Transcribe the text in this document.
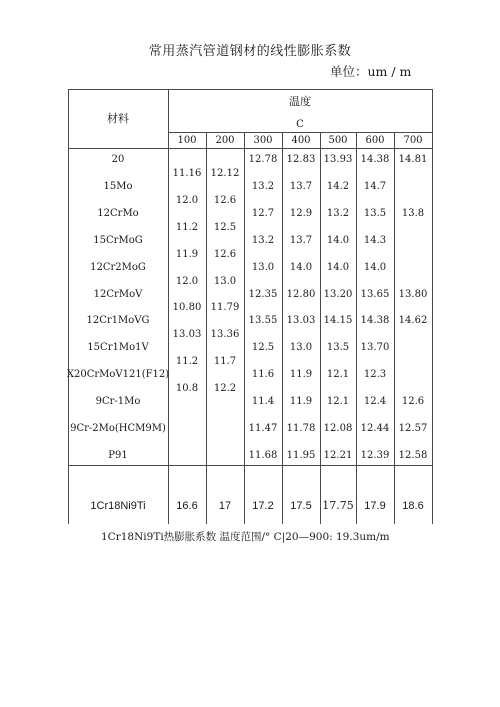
常用蒸汽管道钢材的线性膨胀系数
单位：um / m
材料
温度
C
100 200 300 400 500 600 700
20
15Mo
12CrMo
15CrMoG
12Cr2MoG
12CrMoV
12Cr1MoVG
15Cr1Mo1V
X20CrMoV121(F12)
9Cr-1Mo
9Cr-2Mo(HCM9M)
P91
11.16
12.0
11.2
11.9
12.0
10.80
13.03
11.2
10.8
12.12
12.6
12.5
12.6
13.0
11.79
13.36
11.7
12.2
12.78 12.83 13.93 14.38 14.81
13.2 13.7 14.2 14.7
12.7 12.9 13.2 13.5 13.8
13.2 13.7 14.0 14.3
13.0 14.0 14.0 14.0
12.35 12.80 13.20 13.65 13.80
13.55 13.03 14.15 14.38 14.62
12.5 13.0 13.5 13.70
11.6 11.9 12.1 12.3
11.4 11.9 12.1 12.4 12.6
11.47 11.78 12.08 12.44 12.57
11.68 11.95 12.21 12.39 12.58
1Cr18Ni9Ti	16.6 17 17.2 17.5 17.75 17.9 18.6
1Cr18Ni9Ti热膨胀系数 温度范围/° C|20—900: 19.3um/m
